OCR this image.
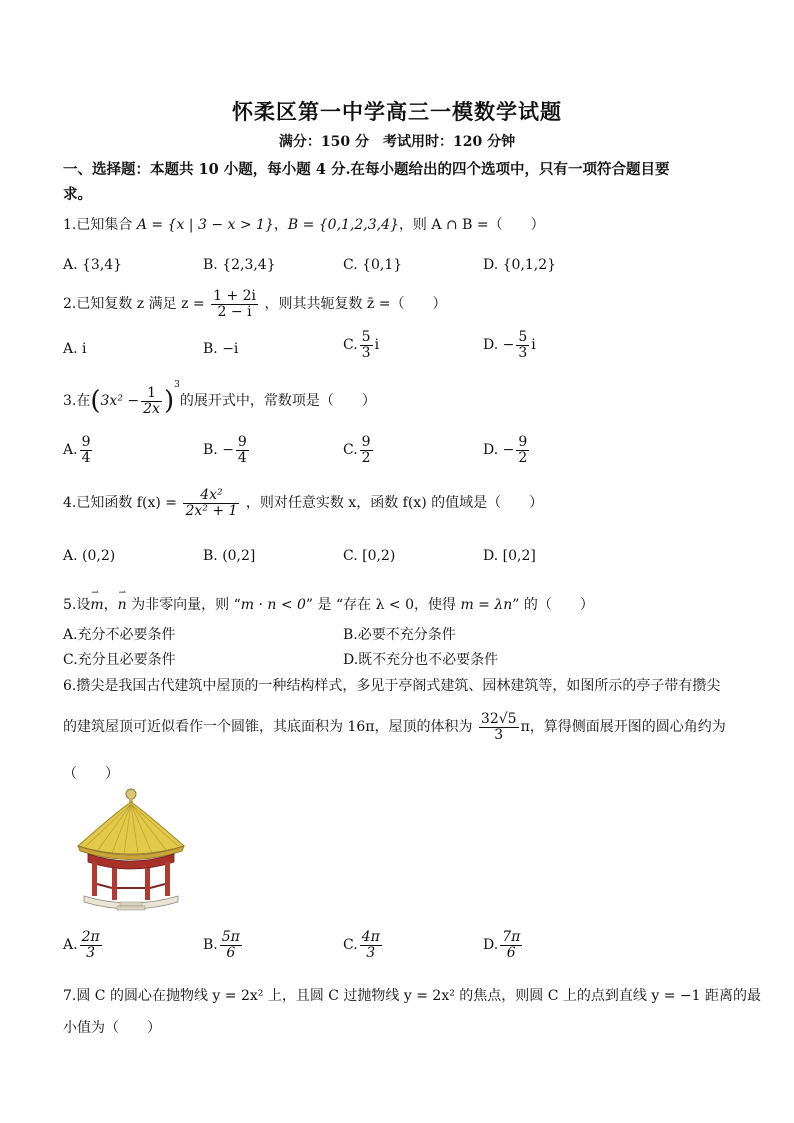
怀柔区第一中学高三一模数学试题
满分：150 分　考试用时：120 分钟
一、选择题：本题共 10 小题，每小题 4 分.在每小题给出的四个选项中，只有一项符合题目要
求。
1.已知集合 A = {x | 3 − x > 1}，B = {0,1,2,3,4}，则 A ∩ B =（　　）
A. {3,4}	B. {2,3,4}	C. {0,1}	D. {0,1,2}
2.已知复数 z 满足 $z = \frac{1 + 2i}{2 - i}$ ，则其共轭复数 z̄ =（　　）
A. i	B. −i	C. $\frac{5}{3}$ i	D. − $\frac{5}{3}$ i
3.在$(3x^2 - \frac{1}{2x} )^3$的展开式中，常数项是（　　）
A. $\frac{9}{4}$	B. − $\frac{9}{4}$	C. $\frac{9}{2}$	D. − $\frac{9}{2}$
4.已知函数 $f(x) = \frac{\text{4x²}}{\text{2x² + 1}}$ ，则对任意实数 x，函数 f(x) 的值域是（　　）
A. (0,2)	B. (0,2]	C. [0,2)	D. [0,2]
5.设⇀ m，⇀ n 为非零向量，则 “m · n < 0” 是 “存在 λ < 0，使得 m = λn” 的（　　）
A.充分不必要条件	B.必要不充分条件
C.充分且必要条件	D.既不充分也不必要条件
6.攒尖是我国古代建筑中屋顶的一种结构样式，多见于亭阁式建筑、园林建筑等，如图所示的亭子带有攒尖
的建筑屋顶可近似看作一个圆锥，其底面积为 16π，屋顶的体积为 $\frac{32√5}{3}$ π，算得侧面展开图的圆心角约为
（　　）
A. $\frac{2\pi}{3}$	B. $\frac{5\pi}{6}$	C. $\frac{4\pi}{3}$	D. $\frac{7\pi}{6}$
7.圆 C 的圆心在抛物线 y = 2x² 上，且圆 C 过抛物线 y = 2x² 的焦点，则圆 C 上的点到直线 y = −1 距离的最
小值为（　　）
